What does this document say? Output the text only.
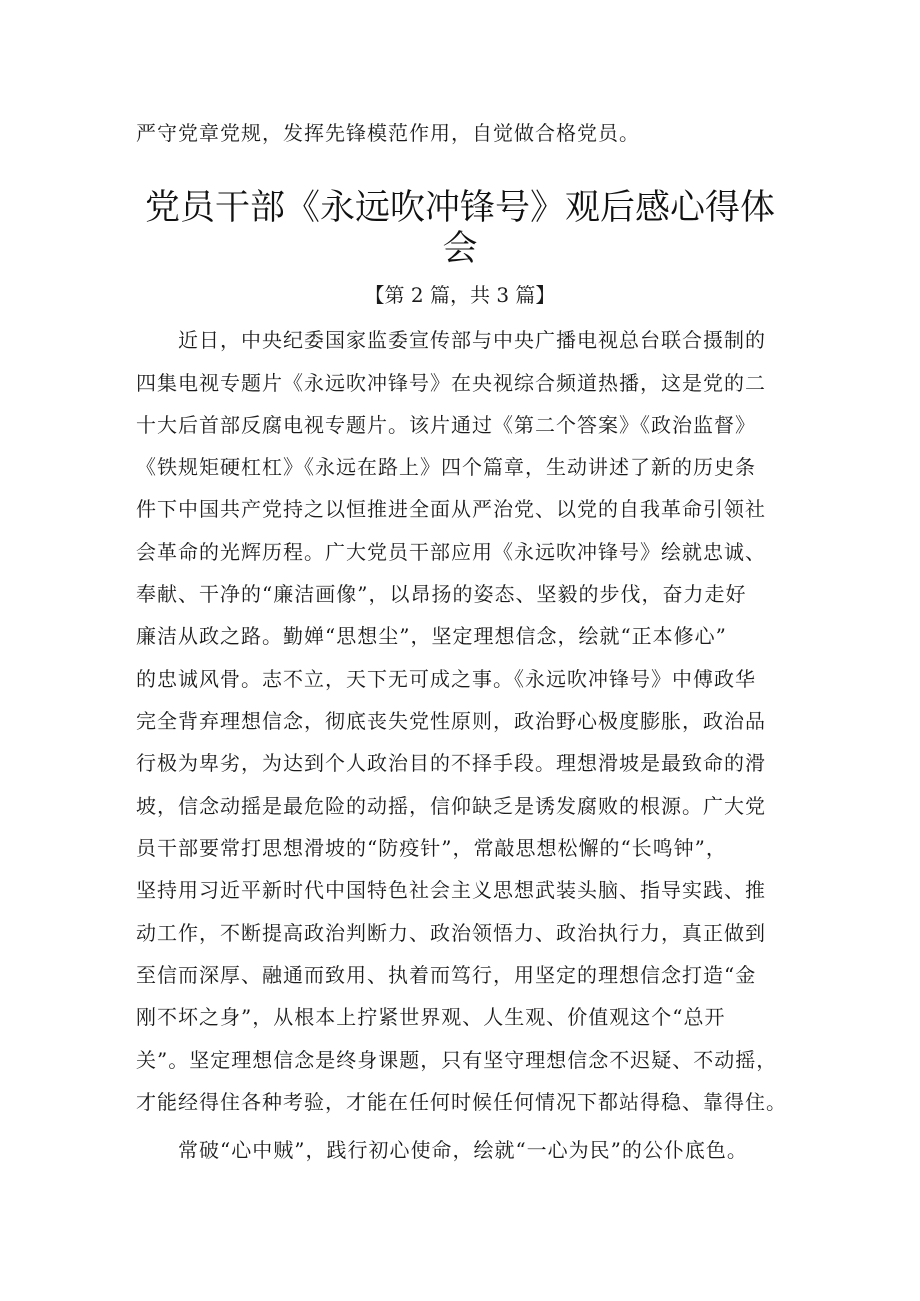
严守党章党规，发挥先锋模范作用，自觉做合格党员。
党员干部《永远吹冲锋号》观后感心得体
会
【第 2 篇，共 3 篇】
　　近日，中央纪委国家监委宣传部与中央广播电视总台联合摄制的
四集电视专题片《永远吹冲锋号》在央视综合频道热播，这是党的二
十大后首部反腐电视专题片。该片通过《第二个答案》《政治监督》
《铁规矩硬杠杠》《永远在路上》四个篇章，生动讲述了新的历史条
件下中国共产党持之以恒推进全面从严治党、以党的自我革命引领社
会革命的光辉历程。广大党员干部应用《永远吹冲锋号》绘就忠诚、
奉献、干净的“廉洁画像”，以昂扬的姿态、坚毅的步伐，奋力走好
廉洁从政之路。勤婵“思想尘”，坚定理想信念，绘就“正本修心”
的忠诚风骨。志不立，天下无可成之事。《永远吹冲锋号》中傅政华
完全背弃理想信念，彻底丧失党性原则，政治野心极度膨胀，政治品
行极为卑劣，为达到个人政治目的不择手段。理想滑坡是最致命的滑
坡，信念动摇是最危险的动摇，信仰缺乏是诱发腐败的根源。广大党
员干部要常打思想滑坡的“防疫针”，常敲思想松懈的“长鸣钟”，
坚持用习近平新时代中国特色社会主义思想武装头脑、指导实践、推
动工作，不断提高政治判断力、政治领悟力、政治执行力，真正做到
至信而深厚、融通而致用、执着而笃行，用坚定的理想信念打造“金
刚不坏之身”，从根本上拧紧世界观、人生观、价值观这个“总开
关”。坚定理想信念是终身课题，只有坚守理想信念不迟疑、不动摇，
才能经得住各种考验，才能在任何时候任何情况下都站得稳、靠得住。
　　常破“心中贼”，践行初心使命，绘就“一心为民”的公仆底色。
